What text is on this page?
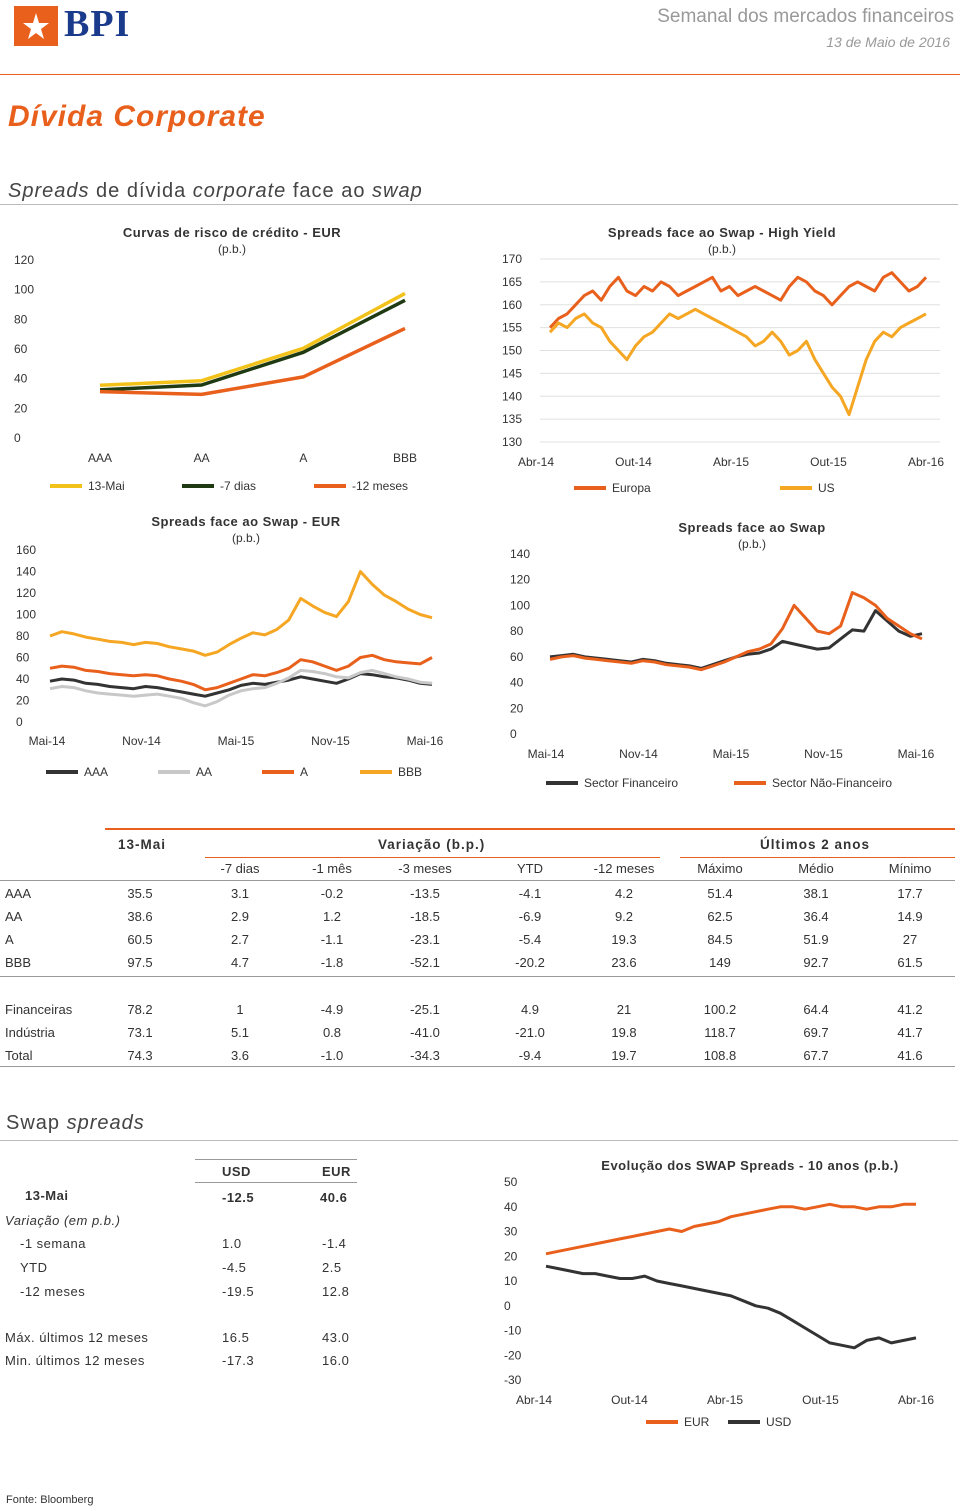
BPI	Semanal dos mercados financeiros
13 de Maio de 2016
Dívida Corporate
Spreads de dívida corporate face ao swap
Curvas de risco de crédito - EUR
(p.b.)
0
20
40
60
80
100
120
AAA	AA	A	BBB
13-Mai	-7 dias	-12 meses
Spreads face ao Swap - High Yield
(p.b.)
130
135
140
145
150
155
160
165
170
Abr-14	Out-14	Abr-15	Out-15	Abr-16
Europa	US
Spreads face ao Swap - EUR
(p.b.)
0
20
40
60
80
100
120
140
160
Mai-14	Nov-14	Mai-15	Nov-15	Mai-16
AAA	AA	A	BBB
Spreads face ao Swap
(p.b.)
0
20
40
60
80
100
120
140
Mai-14	Nov-14	Mai-15	Nov-15	Mai-16
Sector Financeiro	Sector Não-Financeiro
13-Mai	Variação (b.p.)	Últimos 2 anos
-7 dias	-1 mês	-3 meses	YTD	-12 meses	Máximo	Médio	Mínimo
AAA	35.5	3.1	-0.2	-13.5	-4.1	4.2	51.4	38.1	17.7
AA	38.6	2.9	1.2	-18.5	-6.9	9.2	62.5	36.4	14.9
A	60.5	2.7	-1.1	-23.1	-5.4	19.3	84.5	51.9	27
BBB	97.5	4.7	-1.8	-52.1	-20.2	23.6	149	92.7	61.5
Financeiras	78.2	1	-4.9	-25.1	4.9	21	100.2	64.4	41.2
Indústria	73.1	5.1	0.8	-41.0	-21.0	19.8	118.7	69.7	41.7
Total	74.3	3.6	-1.0	-34.3	-9.4	19.7	108.8	67.7	41.6
Swap spreads
USD	EUR
13-Mai	-12.5	40.6
Variação (em p.b.)
-1 semana	1.0	-1.4
YTD	-4.5	2.5
-12 meses	-19.5	12.8
Máx. últimos 12 meses	16.5	43.0
Min. últimos 12 meses	-17.3	16.0
Evolução dos SWAP Spreads - 10 anos (p.b.)
-30
-20
-10
0
10
20
30
40
50
Abr-14	Out-14	Abr-15	Out-15	Abr-16
EUR	USD
Fonte: Bloomberg
